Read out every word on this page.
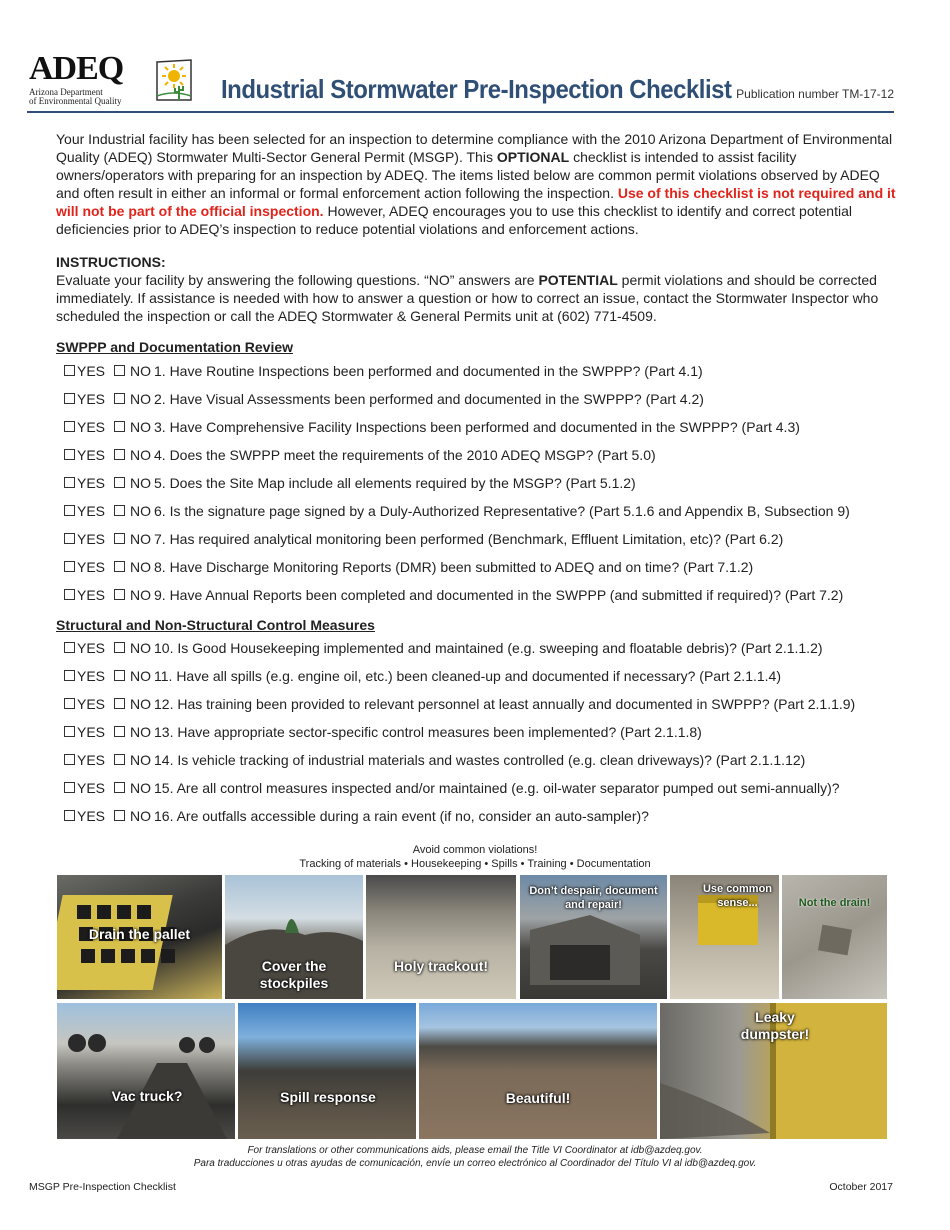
ADEQ
Arizona Department
of Environmental Quality	Industrial Stormwater Pre-Inspection Checklist Publication number TM-17-12
Your Industrial facility has been selected for an inspection to determine compliance with the 2010 Arizona Department of Environmental Quality (ADEQ) Stormwater Multi-Sector General Permit (MSGP). This OPTIONAL checklist is intended to assist facility owners/operators with preparing for an inspection by ADEQ. The items listed below are common permit violations observed by ADEQ and often result in either an informal or formal enforcement action following the inspection. Use of this checklist is not required and it will not be part of the official inspection. However, ADEQ encourages you to use this checklist to identify and correct potential deficiencies prior to ADEQ’s inspection to reduce potential violations and enforcement actions.
INSTRUCTIONS:
Evaluate your facility by answering the following questions. “NO” answers are POTENTIAL permit violations and should be corrected immediately. If assistance is needed with how to answer a question or how to correct an issue, contact the Stormwater Inspector who scheduled the inspection or call the ADEQ Stormwater & General Permits unit at (602) 771-4509.
SWPPP and Documentation Review
YES NO 1. Have Routine Inspections been performed and documented in the SWPPP? (Part 4.1)
YES NO 2. Have Visual Assessments been performed and documented in the SWPPP? (Part 4.2)
YES NO 3. Have Comprehensive Facility Inspections been performed and documented in the SWPPP? (Part 4.3)
YES NO 4. Does the SWPPP meet the requirements of the 2010 ADEQ MSGP? (Part 5.0)
YES NO 5. Does the Site Map include all elements required by the MSGP? (Part 5.1.2)
YES NO 6. Is the signature page signed by a Duly-Authorized Representative? (Part 5.1.6 and Appendix B, Subsection 9)
YES NO 7. Has required analytical monitoring been performed (Benchmark, Effluent Limitation, etc)? (Part 6.2)
YES NO 8. Have Discharge Monitoring Reports (DMR) been submitted to ADEQ and on time? (Part 7.1.2)
YES NO 9. Have Annual Reports been completed and documented in the SWPPP (and submitted if required)? (Part 7.2)
Structural and Non-Structural Control Measures
YES NO 10. Is Good Housekeeping implemented and maintained (e.g. sweeping and floatable debris)? (Part 2.1.1.2)
YES NO 11. Have all spills (e.g. engine oil, etc.) been cleaned-up and documented if necessary? (Part 2.1.1.4)
YES NO 12. Has training been provided to relevant personnel at least annually and documented in SWPPP? (Part 2.1.1.9)
YES NO 13. Have appropriate sector-specific control measures been implemented? (Part 2.1.1.8)
YES NO 14. Is vehicle tracking of industrial materials and wastes controlled (e.g. clean driveways)? (Part 2.1.1.12)
YES NO 15. Are all control measures inspected and/or maintained (e.g. oil-water separator pumped out semi-annually)?
YES NO 16. Are outfalls accessible during a rain event (if no, consider an auto-sampler)?
Avoid common violations!
Tracking of materials • Housekeeping • Spills • Training • Documentation
Drain the pallet
Cover the stockpiles
Holy trackout!
Don’t despair, document and repair!
Use common sense...	Not the drain!
Vac truck?	Spill response	Beautiful!
Leaky dumpster!
For translations or other communications aids, please email the Title VI Coordinator at idb@azdeq.gov.
Para traducciones u otras ayudas de comunicación, envíe un correo electrónico al Coordinador del Título VI al idb@azdeq.gov.
MSGP Pre-Inspection Checklist	October 2017
